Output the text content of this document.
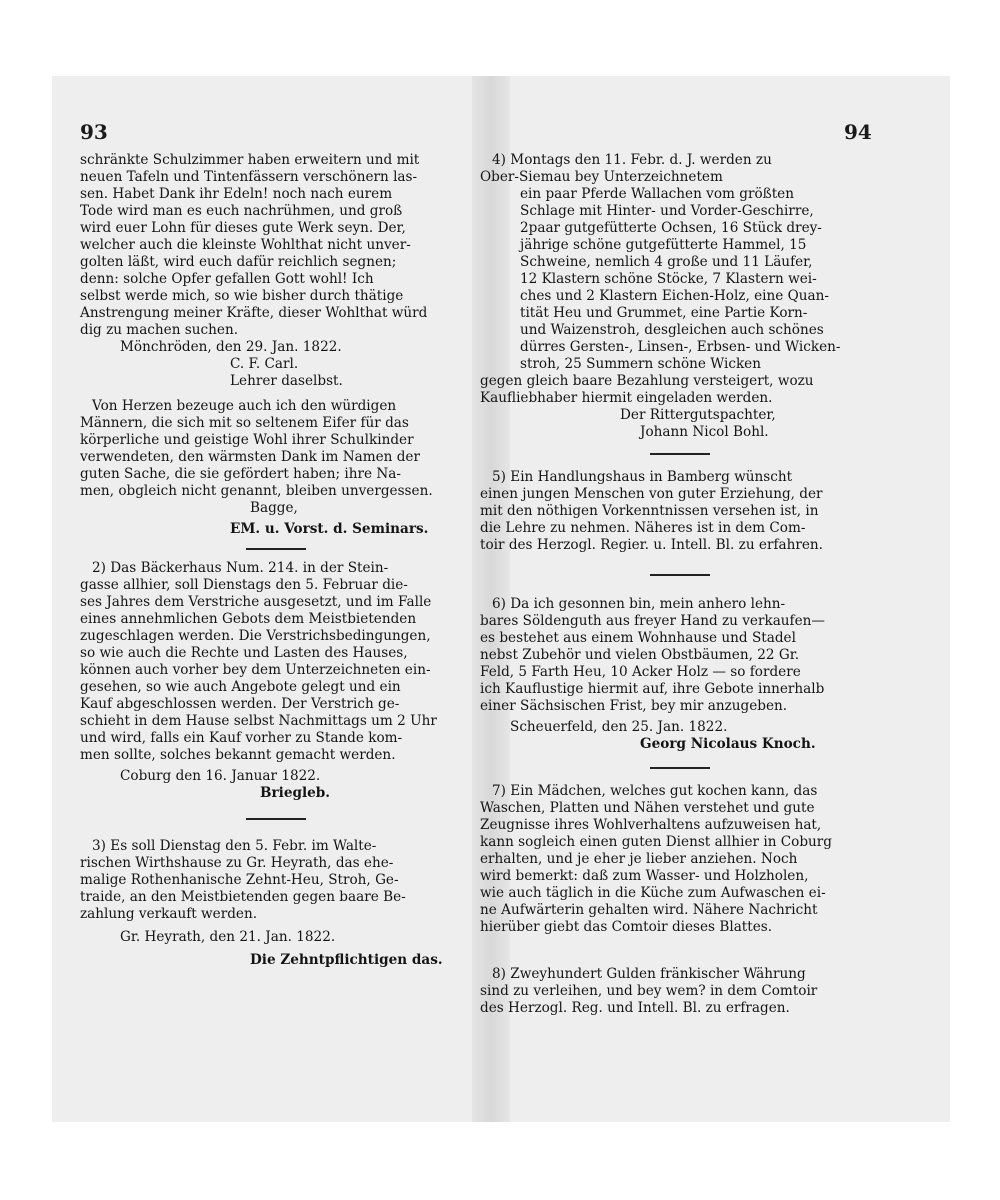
93	94
schränkte Schulzimmer haben erweitern und mit
neuen Tafeln und Tintenfässern verschönern las-
sen. Habet Dank ihr Edeln! noch nach eurem
Tode wird man es euch nachrühmen, und groß
wird euer Lohn für dieses gute Werk seyn. Der,
welcher auch die kleinste Wohlthat nicht unver-
golten läßt, wird euch dafür reichlich segnen;
denn: solche Opfer gefallen Gott wohl! Ich
selbst werde mich, so wie bisher durch thätige
Anstrengung meiner Kräfte, dieser Wohlthat würd
dig zu machen suchen.
Mönchröden, den 29. Jan. 1822.
C. F. Carl.
Lehrer daselbst.
Von Herzen bezeuge auch ich den würdigen
Männern, die sich mit so seltenem Eifer für das
körperliche und geistige Wohl ihrer Schulkinder
verwendeten, den wärmsten Dank im Namen der
guten Sache, die sie gefördert haben; ihre Na-
men, obgleich nicht genannt, bleiben unvergessen.
Bagge,
EM. u. Vorst. d. Seminars.
2) Das Bäckerhaus Num. 214. in der Stein-
gasse allhier, soll Dienstags den 5. Februar die-
ses Jahres dem Verstriche ausgesetzt, und im Falle
eines annehmlichen Gebots dem Meistbietenden
zugeschlagen werden. Die Verstrichsbedingungen,
so wie auch die Rechte und Lasten des Hauses,
können auch vorher bey dem Unterzeichneten ein-
gesehen, so wie auch Angebote gelegt und ein
Kauf abgeschlossen werden. Der Verstrich ge-
schieht in dem Hause selbst Nachmittags um 2 Uhr
und wird, falls ein Kauf vorher zu Stande kom-
men sollte, solches bekannt gemacht werden.
Coburg den 16. Januar 1822.
Briegleb.
3) Es soll Dienstag den 5. Febr. im Walte-
rischen Wirthshause zu Gr. Heyrath, das ehe-
malige Rothenhanische Zehnt-Heu, Stroh, Ge-
traide, an den Meistbietenden gegen baare Be-
zahlung verkauft werden.
Gr. Heyrath, den 21. Jan. 1822.
Die Zehntpflichtigen das.
4) Montags den 11. Febr. d. J. werden zu
Ober-Siemau bey Unterzeichnetem
ein paar Pferde Wallachen vom größten
Schlage mit Hinter- und Vorder-Geschirre,
2paar gutgefütterte Ochsen, 16 Stück drey-
jährige schöne gutgefütterte Hammel, 15
Schweine, nemlich 4 große und 11 Läufer,
12 Klastern schöne Stöcke, 7 Klastern wei-
ches und 2 Klastern Eichen-Holz, eine Quan-
tität Heu und Grummet, eine Partie Korn-
und Waizenstroh, desgleichen auch schönes
dürres Gersten-, Linsen-, Erbsen- und Wicken-
stroh, 25 Summern schöne Wicken
gegen gleich baare Bezahlung versteigert, wozu
Kaufliebhaber hiermit eingeladen werden.
Der Rittergutspachter,
Johann Nicol Bohl.
5) Ein Handlungshaus in Bamberg wünscht
einen jungen Menschen von guter Erziehung, der
mit den nöthigen Vorkenntnissen versehen ist, in
die Lehre zu nehmen. Näheres ist in dem Com-
toir des Herzogl. Regier. u. Intell. Bl. zu erfahren.
6) Da ich gesonnen bin, mein anhero lehn-
bares Söldenguth aus freyer Hand zu verkaufen—
es bestehet aus einem Wohnhause und Stadel
nebst Zubehör und vielen Obstbäumen, 22 Gr.
Feld, 5 Farth Heu, 10 Acker Holz — so fordere
ich Kauflustige hiermit auf, ihre Gebote innerhalb
einer Sächsischen Frist, bey mir anzugeben.
Scheuerfeld, den 25. Jan. 1822.
Georg Nicolaus Knoch.
7) Ein Mädchen, welches gut kochen kann, das
Waschen, Platten und Nähen verstehet und gute
Zeugnisse ihres Wohlverhaltens aufzuweisen hat,
kann sogleich einen guten Dienst allhier in Coburg
erhalten, und je eher je lieber anziehen. Noch
wird bemerkt: daß zum Wasser- und Holzholen,
wie auch täglich in die Küche zum Aufwaschen ei-
ne Aufwärterin gehalten wird. Nähere Nachricht
hierüber giebt das Comtoir dieses Blattes.
8) Zweyhundert Gulden fränkischer Währung
sind zu verleihen, und bey wem? in dem Comtoir
des Herzogl. Reg. und Intell. Bl. zu erfragen.
